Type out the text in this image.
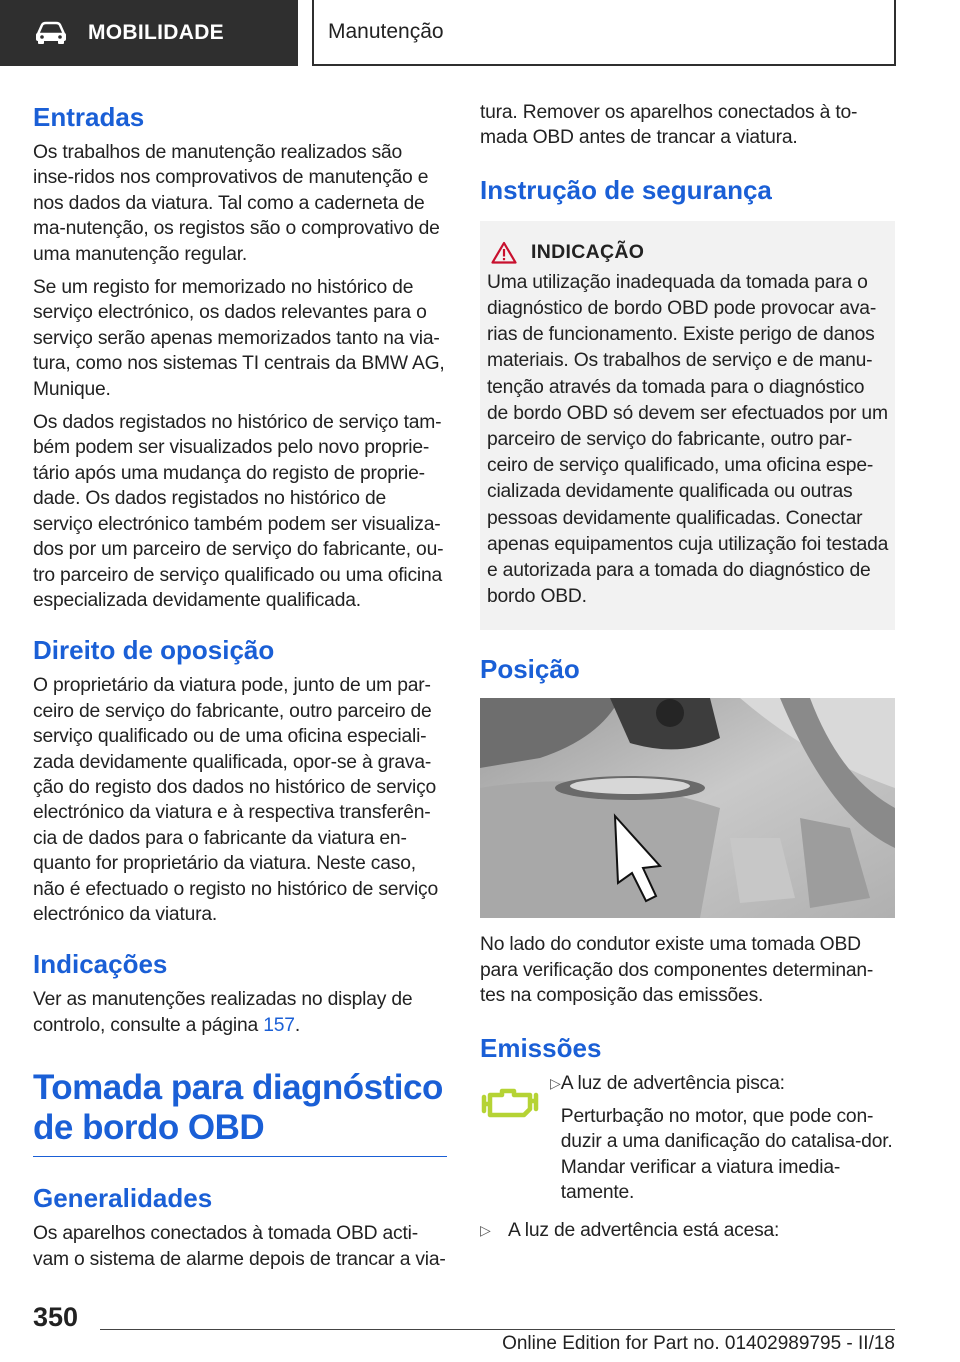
MOBILIDADE	Manutenção
Entradas

Os trabalhos de manutenção realizados são inse-ridos nos comprovativos de manutenção e nos dados da viatura. Tal como a caderneta de ma-nutenção, os registos são o comprovativo de uma manutenção regular.

Se um registo for memorizado no histórico de serviço electrónico, os dados relevantes para o serviço serão apenas memorizados tanto na via-tura, como nos sistemas TI centrais da BMW AG, Munique.

Os dados registados no histórico de serviço tam-bém podem ser visualizados pelo novo proprie-tário após uma mudança do registo de proprie-dade. Os dados registados no histórico de serviço electrónico também podem ser visualiza-dos por um parceiro de serviço do fabricante, ou-tro parceiro de serviço qualificado ou uma oficina especializada devidamente qualificada.

Direito de oposição

O proprietário da viatura pode, junto de um par-ceiro de serviço do fabricante, outro parceiro de serviço qualificado ou de uma oficina especiali-zada devidamente qualificada, opor-se à grava-ção do registo dos dados no histórico de serviço electrónico da viatura e à respectiva transferên-cia de dados para o fabricante da viatura en-quanto for proprietário da viatura. Neste caso, não é efectuado o registo no histórico de serviço electrónico da viatura.

Indicações

Ver as manutenções realizadas no display de controlo, consulte a página 157.

Tomada para diagnóstico de bordo OBD
Generalidades

Os aparelhos conectados à tomada OBD acti-vam o sistema de alarme depois de trancar a via-

tura. Remover os aparelhos conectados à to-mada OBD antes de trancar a viatura.

Instrução de segurança
INDICAÇÃO

Uma utilização inadequada da tomada para o diagnóstico de bordo OBD pode provocar ava-rias de funcionamento. Existe perigo de danos materiais. Os trabalhos de serviço e de manu-tenção através da tomada para o diagnóstico de bordo OBD só devem ser efectuados por um parceiro de serviço do fabricante, outro par-ceiro de serviço qualificado, uma oficina espe-cializada devidamente qualificada ou outras pessoas devidamente qualificadas. Conectar apenas equipamentos cuja utilização foi testada e autorizada para a tomada do diagnóstico de bordo OBD.

Posição

No lado do condutor existe uma tomada OBD para verificação dos componentes determinan-tes na composição das emissões.

Emissões
▷ A luz de advertência pisca:

Perturbação no motor, que pode con-duzir a uma danificação do catalisa-dor. Mandar verificar a viatura imedia-tamente.

▷ A luz de advertência está acesa:

350
Online Edition for Part no. 01402989795 - II/18
